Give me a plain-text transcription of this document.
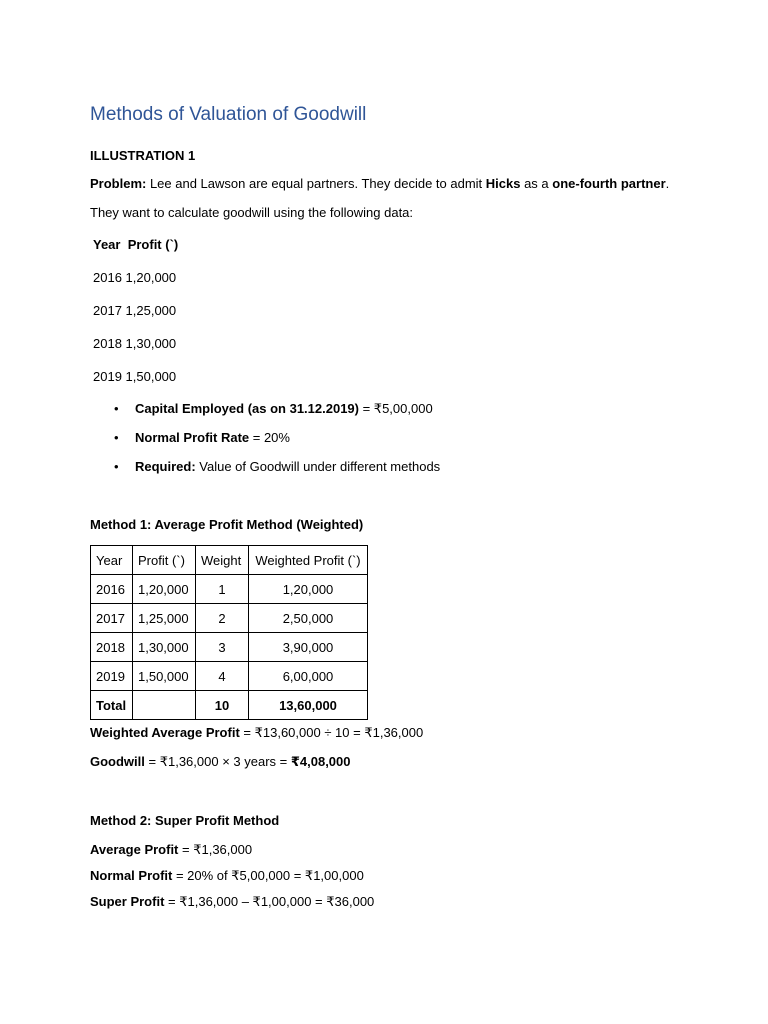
Methods of Valuation of Goodwill
ILLUSTRATION 1
Problem: Lee and Lawson are equal partners. They decide to admit Hicks as a one-fourth partner.
They want to calculate goodwill using the following data:
Year  Profit (`)
2016 1,20,000
2017 1,25,000
2018 1,30,000
2019 1,50,000
• Capital Employed (as on 31.12.2019) = ₹5,00,000
• Normal Profit Rate = 20%
• Required: Value of Goodwill under different methods
Method 1: Average Profit Method (Weighted)
Year	Profit (`)	Weight	Weighted Profit (`)
2016	1,20,000	1	1,20,000
2017	1,25,000	2	2,50,000
2018	1,30,000	3	3,90,000
2019	1,50,000	4	6,00,000
Total		10	13,60,000
Weighted Average Profit = ₹13,60,000 ÷ 10 = ₹1,36,000
Goodwill = ₹1,36,000 × 3 years = ₹4,08,000
Method 2: Super Profit Method
Average Profit = ₹1,36,000
Normal Profit = 20% of ₹5,00,000 = ₹1,00,000
Super Profit = ₹1,36,000 – ₹1,00,000 = ₹36,000
